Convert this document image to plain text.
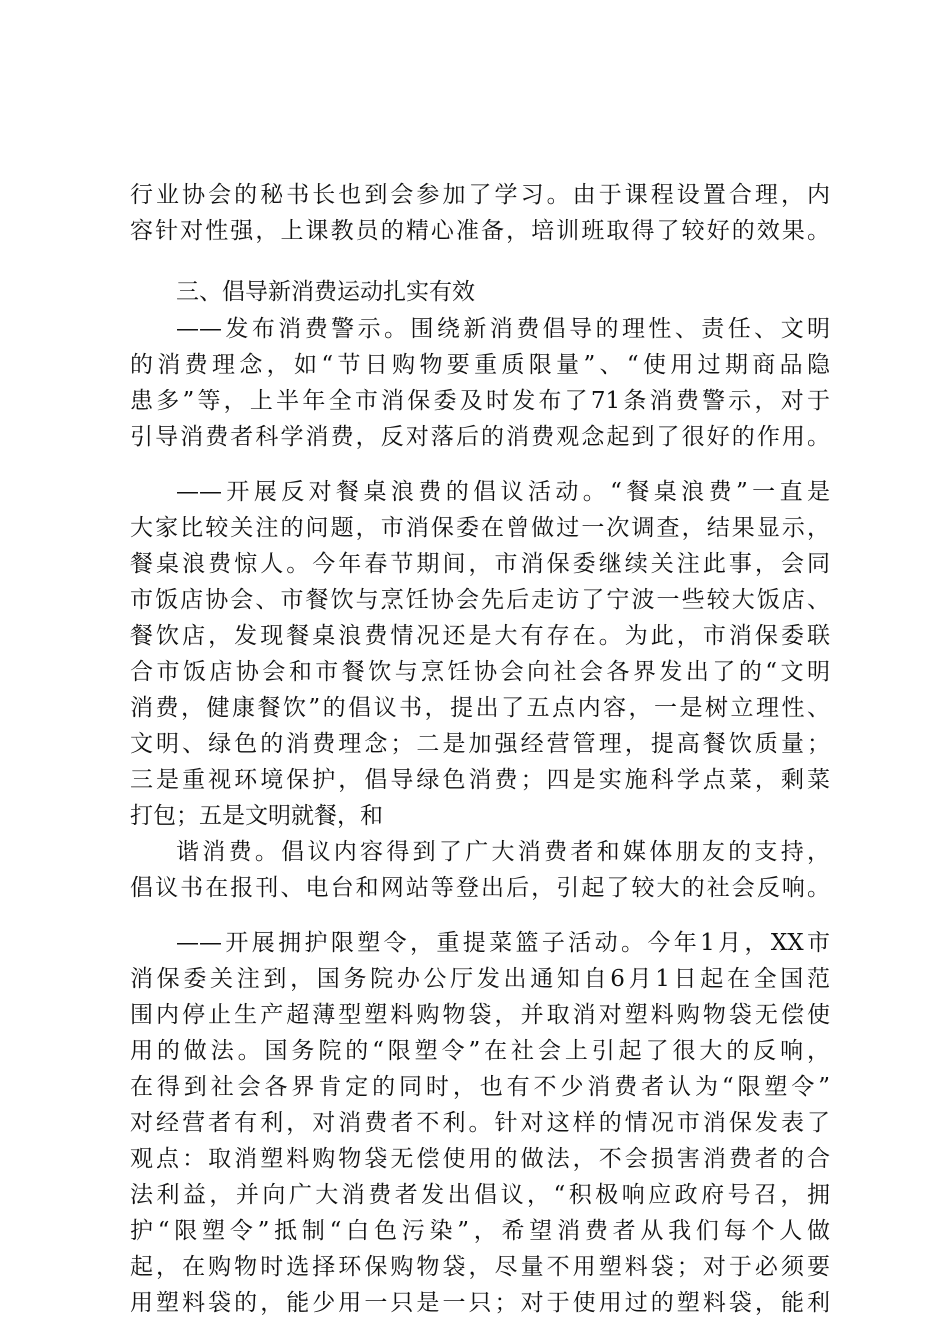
行业协会的秘书长也到会参加了学习。由于课程设置合理，内

容针对性强，上课教员的精心准备，培训班取得了较好的效果。

三、倡导新消费运动扎实有效

——发布消费警示。围绕新消费倡导的理性、责任、文明

的消费理念，如“节日购物要重质限量”、“使用过期商品隐

患多”等，上半年全市消保委及时发布了71条消费警示，对于

引导消费者科学消费，反对落后的消费观念起到了很好的作用。

——开展反对餐桌浪费的倡议活动。“餐桌浪费”一直是

大家比较关注的问题，市消保委在曾做过一次调查，结果显示，

餐桌浪费惊人。今年春节期间，市消保委继续关注此事，会同

市饭店协会、市餐饮与烹饪协会先后走访了宁波一些较大饭店、

餐饮店，发现餐桌浪费情况还是大有存在。为此，市消保委联

合市饭店协会和市餐饮与烹饪协会向社会各界发出了的“文明

消费，健康餐饮”的倡议书，提出了五点内容，一是树立理性、

文明、绿色的消费理念；二是加强经营管理，提高餐饮质量；

三是重视环境保护，倡导绿色消费；四是实施科学点菜，剩菜

打包；五是文明就餐，和

谐消费。倡议内容得到了广大消费者和媒体朋友的支持，

倡议书在报刊、电台和网站等登出后，引起了较大的社会反响。

——开展拥护限塑令，重提菜篮子活动。今年1月，XX市

消保委关注到，国务院办公厅发出通知自6月1日起在全国范

围内停止生产超薄型塑料购物袋，并取消对塑料购物袋无偿使

用的做法。国务院的“限塑令”在社会上引起了很大的反响，

在得到社会各界肯定的同时，也有不少消费者认为“限塑令”

对经营者有利，对消费者不利。针对这样的情况市消保发表了

观点：取消塑料购物袋无偿使用的做法，不会损害消费者的合

法利益，并向广大消费者发出倡议，“积极响应政府号召，拥

护“限塑令”抵制“白色污染”，希望消费者从我们每个人做

起，在购物时选择环保购物袋，尽量不用塑料袋；对于必须要

用塑料袋的，能少用一只是一只；对于使用过的塑料袋，能利
